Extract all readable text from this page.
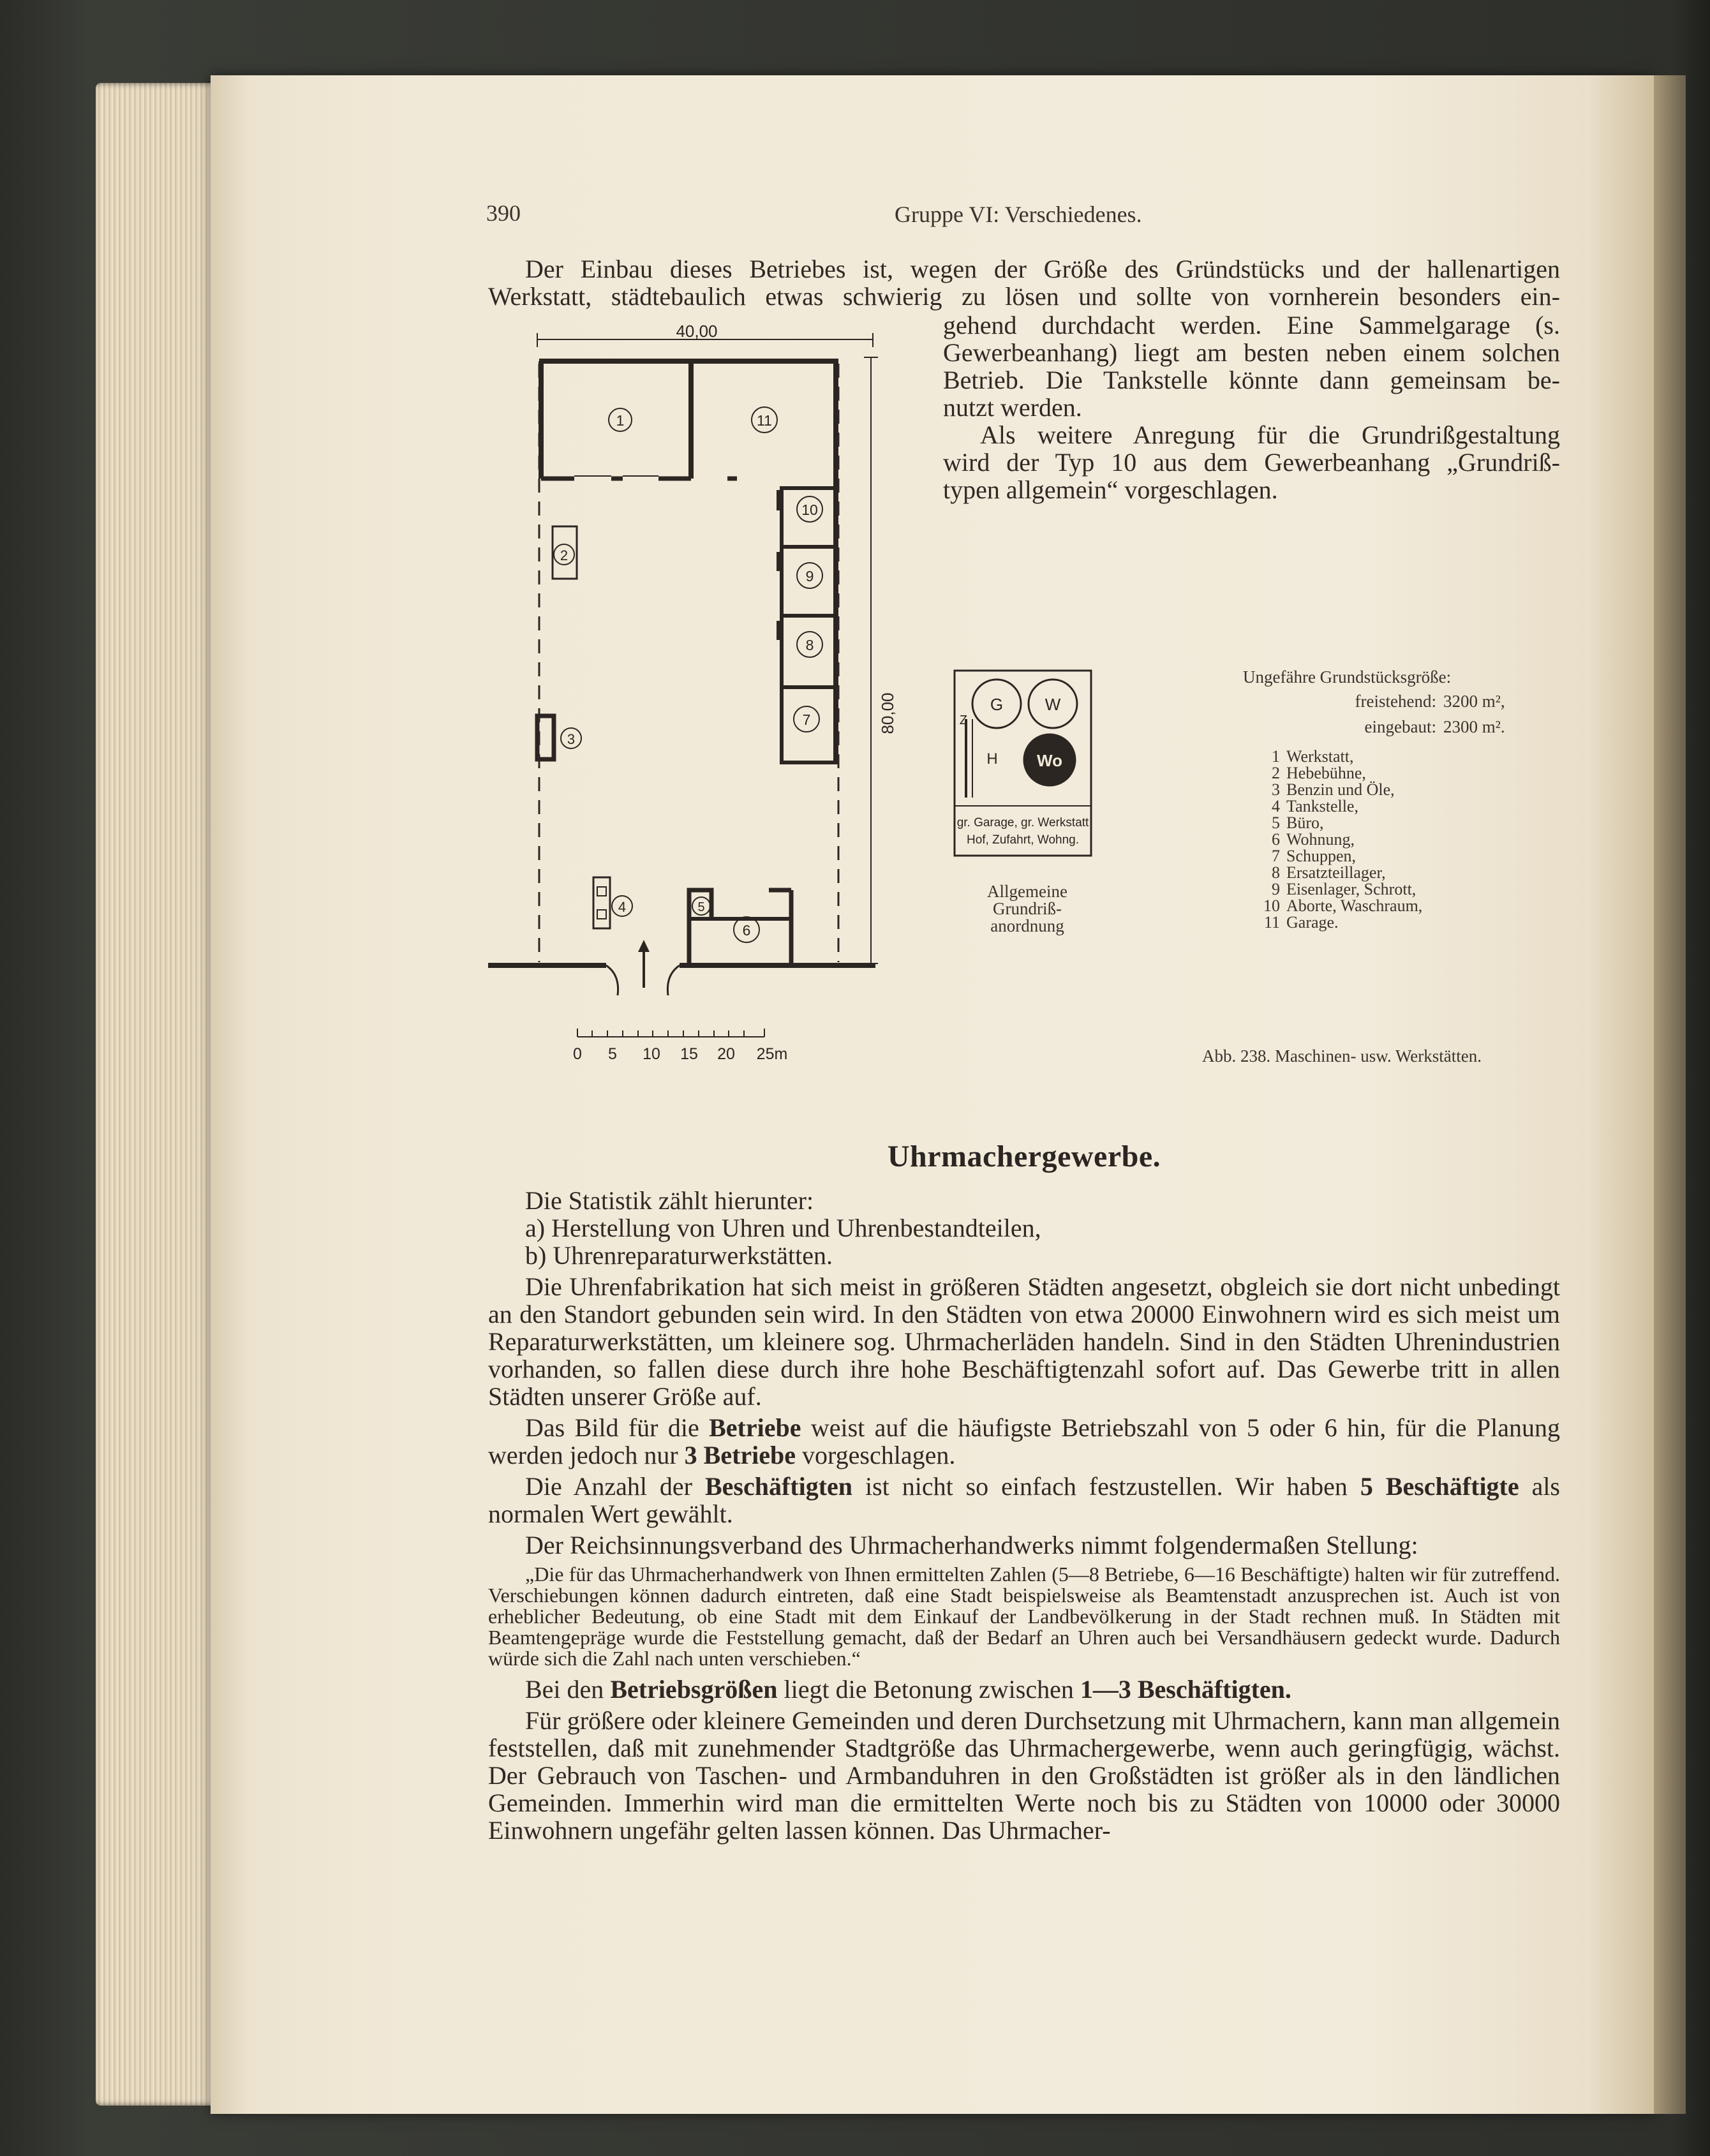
390	Gruppe VI: Verschiedenes.
Der Einbau dieses Betriebes ist, wegen der Größe des Gründstücks und der hallenartigen
Werkstatt, städtebaulich etwas schwierig zu lösen und sollte von vornherein besonders ein-
gehend durchdacht werden. Eine Sammelgarage (s.
Gewerbeanhang) liegt am besten neben einem solchen
Betrieb. Die Tankstelle könnte dann gemeinsam be-
nutzt werden.
Als weitere Anregung für die Grundrißgestaltung
wird der Typ 10 aus dem Gewerbeanhang „Grundriß-
typen allgemein“ vorgeschlagen.
40,00
80,00
1	11
10
9
8
7
2
3
4	5
6
0 5 10 15 20 25m
G	W
Wo
Z
H
gr. Garage, gr. Werkstatt
Hof, Zufahrt, Wohng.
Allgemeine
Grundriß-
anordnung
Ungefähre Grundstücksgröße:
freistehend: 3200 m²,
eingebaut: 2300 m².
1 Werkstatt,
2 Hebebühne,
3 Benzin und Öle,
4 Tankstelle,
5 Büro,
6 Wohnung,
7 Schuppen,
8 Ersatzteillager,
9 Eisenlager, Schrott,
10 Aborte, Waschraum,
11 Garage.
Abb. 238. Maschinen- usw. Werkstätten.
Uhrmachergewerbe.

Die Statistik zählt hierunter:

a) Herstellung von Uhren und Uhrenbestandteilen,

b) Uhrenreparaturwerkstätten.

Die Uhrenfabrikation hat sich meist in größeren Städten angesetzt, obgleich sie dort nicht unbedingt an den Standort gebunden sein wird. In den Städten von etwa 20000 Einwohnern wird es sich meist um Reparaturwerkstätten, um kleinere sog. Uhrmacherläden handeln. Sind in den Städten Uhrenindustrien vorhanden, so fallen diese durch ihre hohe Beschäftigtenzahl sofort auf. Das Gewerbe tritt in allen Städten unserer Größe auf.

Das Bild für die Betriebe weist auf die häufigste Betriebszahl von 5 oder 6 hin, für die Planung werden jedoch nur 3 Betriebe vorgeschlagen.

Die Anzahl der Beschäftigten ist nicht so einfach festzustellen. Wir haben 5 Beschäftigte als normalen Wert gewählt.

Der Reichsinnungsverband des Uhrmacherhandwerks nimmt folgendermaßen Stellung:

„Die für das Uhrmacherhandwerk von Ihnen ermittelten Zahlen (5—8 Betriebe, 6—16 Beschäftigte) halten wir für zutreffend. Verschiebungen können dadurch eintreten, daß eine Stadt beispielsweise als Beamtenstadt anzusprechen ist. Auch ist von erheblicher Bedeutung, ob eine Stadt mit dem Einkauf der Landbevölkerung in der Stadt rechnen muß. In Städten mit Beamtengepräge wurde die Feststellung gemacht, daß der Bedarf an Uhren auch bei Versandhäusern gedeckt wurde. Dadurch würde sich die Zahl nach unten verschieben.“

Bei den Betriebsgrößen liegt die Betonung zwischen 1—3 Beschäftigten.

Für größere oder kleinere Gemeinden und deren Durchsetzung mit Uhrmachern, kann man allgemein feststellen, daß mit zunehmender Stadtgröße das Uhrmachergewerbe, wenn auch geringfügig, wächst. Der Gebrauch von Taschen- und Armbanduhren in den Großstädten ist größer als in den ländlichen Gemeinden. Immerhin wird man die ermittelten Werte noch bis zu Städten von 10000 oder 30000 Einwohnern ungefähr gelten lassen können. Das Uhrmacher-
